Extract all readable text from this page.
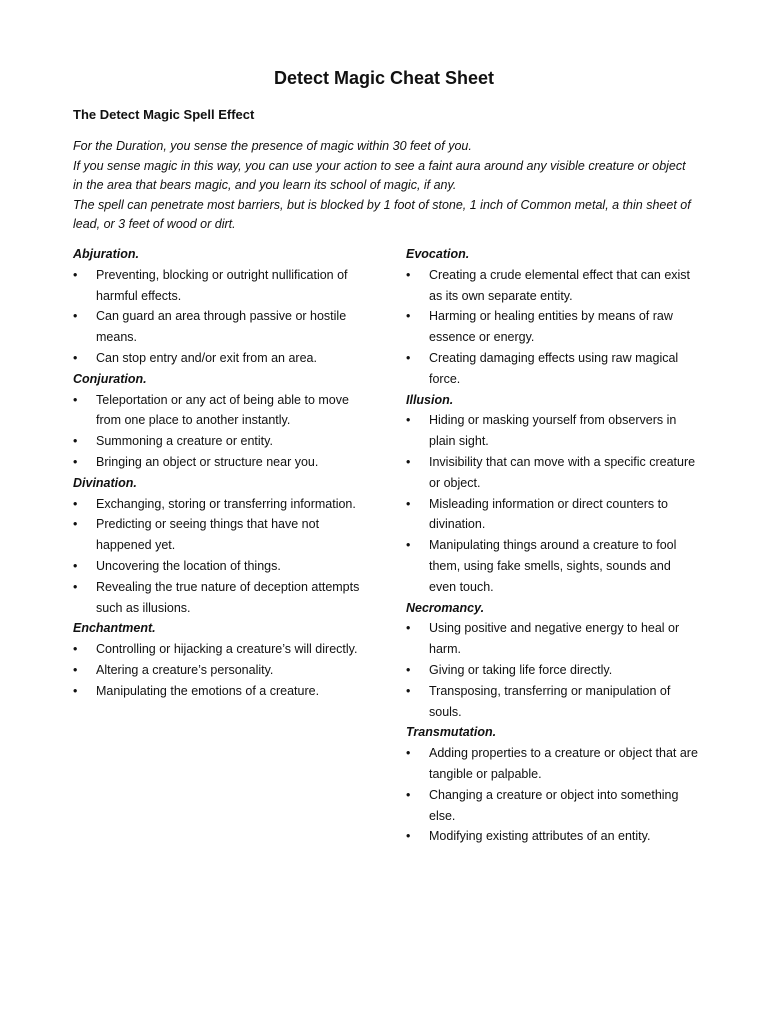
Detect Magic Cheat Sheet
The Detect Magic Spell Effect

For the Duration, you sense the presence of magic within 30 feet of you.

If you sense magic in this way, you can use your action to see a faint aura around any visible creature or object in the area that bears magic, and you learn its school of magic, if any.

The spell can penetrate most barriers, but is blocked by 1 foot of stone, 1 inch of Common metal, a thin sheet of lead, or 3 feet of wood or dirt.

Abjuration.

• Preventing, blocking or outright nullification of harmful effects.
• Can guard an area through passive or hostile means.
• Can stop entry and/or exit from an area.

Conjuration.

• Teleportation or any act of being able to move from one place to another instantly.
• Summoning a creature or entity.
• Bringing an object or structure near you.

Divination.

• Exchanging, storing or transferring information.
• Predicting or seeing things that have not happened yet.
• Uncovering the location of things.
• Revealing the true nature of deception attempts such as illusions.

Enchantment.

• Controlling or hijacking a creature’s will directly.
• Altering a creature’s personality.
• Manipulating the emotions of a creature.

Evocation.

• Creating a crude elemental effect that can exist as its own separate entity.
• Harming or healing entities by means of raw essence or energy.
• Creating damaging effects using raw magical force.

Illusion.

• Hiding or masking yourself from observers in plain sight.
• Invisibility that can move with a specific creature or object.
• Misleading information or direct counters to divination.
• Manipulating things around a creature to fool them, using fake smells, sights, sounds and even touch.

Necromancy.

• Using positive and negative energy to heal or harm.
• Giving or taking life force directly.
• Transposing, transferring or manipulation of souls.

Transmutation.

• Adding properties to a creature or object that are tangible or palpable.
• Changing a creature or object into something else.
• Modifying existing attributes of an entity.
